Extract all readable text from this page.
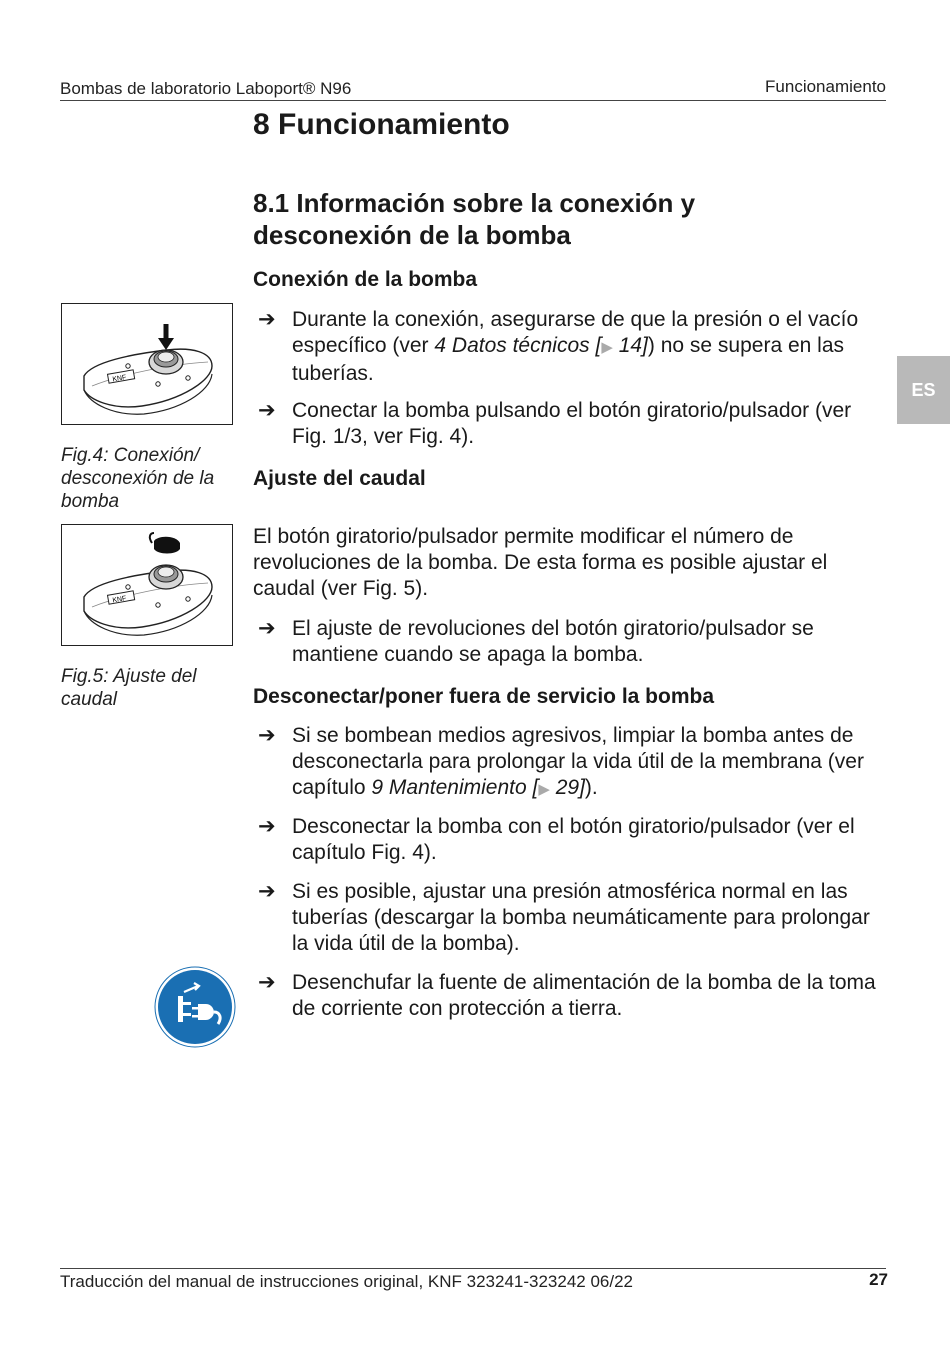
Bombas de laboratorio Laboport® N96	Funcionamiento
ES
8 Funcionamiento
8.1 Información sobre la conexión y
desconexión de la bomba
Conexión de la bomba
➔ Durante la conexión, asegurarse de que la presión o el vacío específico (ver 4 Datos técnicos [▶ 14]) no se supera en las tuberías.
➔ Conectar la bomba pulsando el botón giratorio/pulsador (ver Fig. 1/3, ver Fig. 4).
Ajuste del caudal
El botón giratorio/pulsador permite modificar el número de revoluciones de la bomba. De esta forma es posible ajustar el caudal (ver Fig. 5).
➔ El ajuste de revoluciones del botón giratorio/pulsador se mantiene cuando se apaga la bomba.
Desconectar/poner fuera de servicio la bomba
➔ Si se bombean medios agresivos, limpiar la bomba antes de desconectarla para prolongar la vida útil de la membrana (ver capítulo 9 Mantenimiento [▶ 29]).
➔ Desconectar la bomba con el botón giratorio/pulsador (ver el capítulo Fig. 4).
➔ Si es posible, ajustar una presión atmosférica normal en las tuberías (descargar la bomba neumáticamente para prolongar la vida útil de la bomba).
➔ Desenchufar la fuente de alimentación de la bomba de la toma de corriente con protección a tierra.
KNF
Fig.4: Conexión/ desconexión de la bomba
KNF
Fig.5: Ajuste del caudal
Traducción del manual de instrucciones original, KNF 323241-323242 06/22	27
